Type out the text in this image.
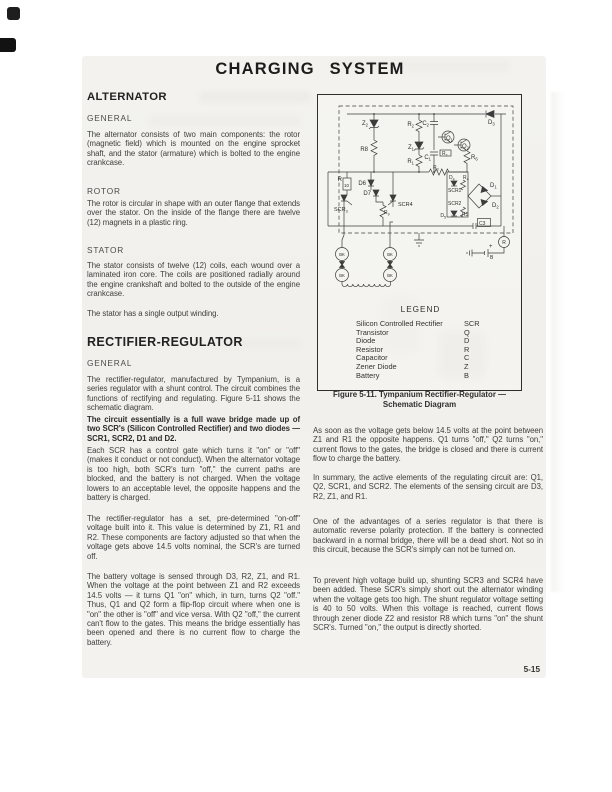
CHARGING SYSTEM
ALTERNATOR
GENERAL
The alternator consists of two main components: the rotor (magnetic field) which is mounted on the engine sprocket shaft, and the stator (armature) which is bolted to the engine crankcase.
ROTOR
The rotor is circular in shape with an outer flange that extends over the stator. On the inside of the flange there are twelve (12) magnets in a plastic ring.
STATOR
The stator consists of twelve (12) coils, each wound over a laminated iron core. The coils are positioned radially around the engine crankshaft and bolted to the outside of the engine crankcase.
The stator has a single output winding.
RECTIFIER-REGULATOR
GENERAL
The rectifier-regulator, manufactured by Tympanium, is a series regulator with a shunt control. The circuit combines the functions of rectifying and regulating. Figure 5-11 shows the schematic diagram.
The circuit essentially is a full wave bridge made up of two SCR's (Silicon Controlled Rectifier) and two diodes — SCR1, SCR2, D1 and D2.
Each SCR has a control gate which turns it "on" or "off" (makes it conduct or not conduct). When the alternator voltage is too high, both SCR's turn "off," the current paths are blocked, and the battery is not charged. When the voltage lowers to an acceptable level, the opposite happens and the battery is charged.
The rectifier-regulator has a set, pre-determined "on-off" voltage built into it. This value is determined by Z1, R1 and R2. These components are factory adjusted so that when the voltage gets above 14.5 volts nominal, the SCR's are turned off.
The battery voltage is sensed through D3, R2, Z1, and R1. When the voltage at the point between Z1 and R2 exceeds 14.5 volts — it turns Q1 "on" which, in turn, turns Q2 "off." Thus, Q1 and Q2 form a flip-flop circuit where when one is "on" the other is "off" and vice versa. With Q2 "off," the current can't flow to the gates. This means the bridge essentially has been opened and there is no current flow to charge the battery.
$Z_2$
R8
$R_2$ $C_2$	$D_3$
$Q_1$
$Q_2$
$Z_1$
$C_1$
$R_7$
$R_1$
$R_6$
$R_3$
R
10 D6
D7
$SCR_3$
SCR4
$R_9$
$D_4$ $R_4$
SCR1
SCR2
$D_5$	R5
$D_1$
$D_2$
C3
+
B
BK	BK
BK	BK
R
LEGEND
Silicon Controlled Rectifier	SCR
Transistor	Q
Diode	D
Resistor	R
Capacitor	C
Zener Diode	Z
Battery	B
Figure 5-11. Tympanium Rectifier-Regulator —
Schematic Diagram
As soon as the voltage gets below 14.5 volts at the point between Z1 and R1 the opposite happens. Q1 turns "off," Q2 turns "on," current flows to the gates, the bridge is closed and there is current flow to charge the battery.
In summary, the active elements of the regulating circuit are: Q1, Q2, SCR1, and SCR2. The elements of the sensing circuit are D3, R2, Z1, and R1.
One of the advantages of a series regulator is that there is automatic reverse polarity protection. If the battery is connected backward in a normal bridge, there will be a dead short. Not so in this circuit, because the SCR's simply can not be turned on.
To prevent high voltage build up, shunting SCR3 and SCR4 have been added. These SCR's simply short out the alternator winding when the voltage gets too high. The shunt regulator voltage setting is 40 to 50 volts. When this voltage is reached, current flows through zener diode Z2 and resistor R8 which turns "on" the shunt SCR's. Turned "on," the output is directly shorted.
5-15
